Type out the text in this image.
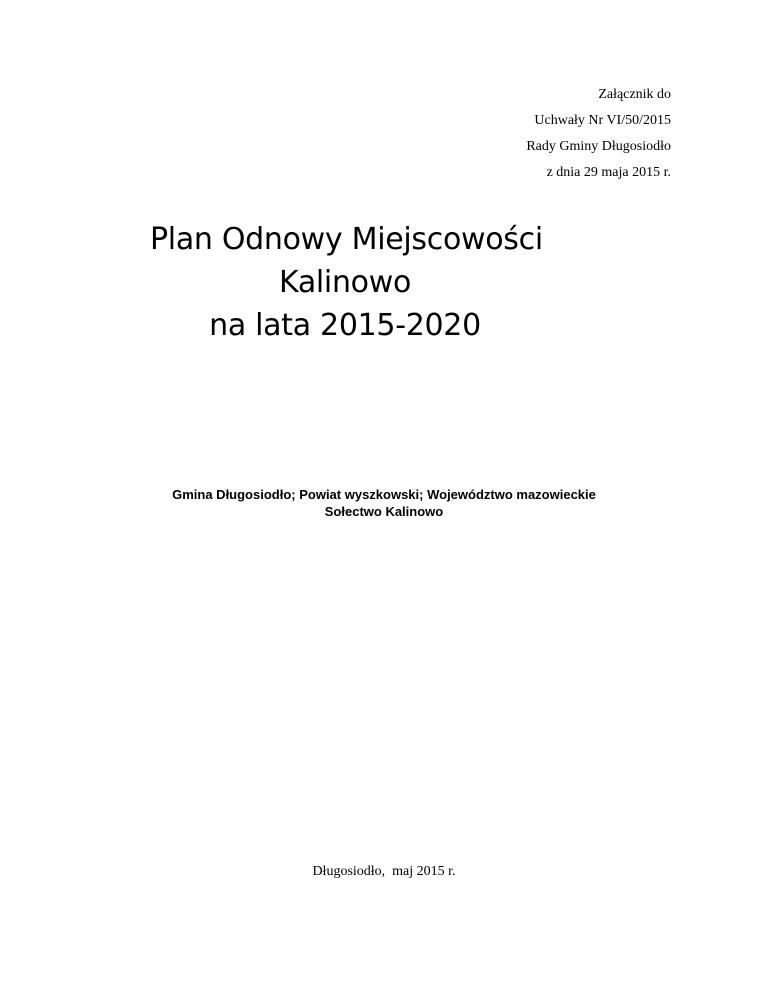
Załącznik do
Uchwały Nr VI/50/2015
Rady Gminy Długosiodło
z dnia 29 maja 2015 r.
Plan Odnowy Miejscowości
Kalinowo
na lata 2015-2020
Gmina Długosiodło; Powiat wyszkowski; Województwo mazowieckie
Sołectwo Kalinowo
Długosiodło,  maj 2015 r.
